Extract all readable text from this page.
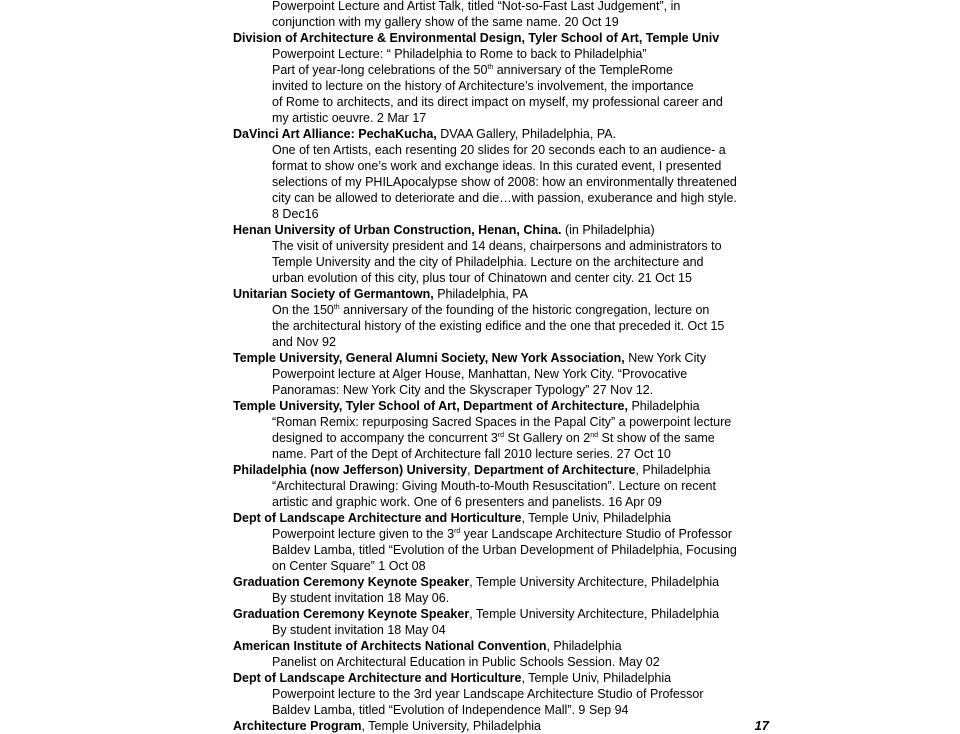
Powerpoint Lecture and Artist Talk, titled “Not-so-Fast Last Judgement”, in
conjunction with my gallery show of the same name. 20 Oct 19
Division of Architecture & Environmental Design, Tyler School of Art, Temple Univ
Powerpoint Lecture: “ Philadelphia to Rome to back to Philadelphia”
Part of year-long celebrations of the 50th anniversary of the TempleRome
invited to lecture on the history of Architecture’s involvement, the importance
of Rome to architects, and its direct impact on myself, my professional career and
my artistic oeuvre. 2 Mar 17
DaVinci Art Alliance: PechaKucha, DVAA Gallery, Philadelphia, PA.
One of ten Artists, each resenting 20 slides for 20 seconds each to an audience- a
format to show one’s work and exchange ideas. In this curated event, I presented
selections of my PHILApocalypse show of 2008: how an environmentally threatened
city can be allowed to deteriorate and die…with passion, exuberance and high style.
8 Dec16
Henan University of Urban Construction, Henan, China. (in Philadelphia)
The visit of university president and 14 deans, chairpersons and administrators to
Temple University and the city of Philadelphia. Lecture on the architecture and
urban evolution of this city, plus tour of Chinatown and center city. 21 Oct 15
Unitarian Society of Germantown, Philadelphia, PA
On the 150th anniversary of the founding of the historic congregation, lecture on
the architectural history of the existing edifice and the one that preceded it. Oct 15
and Nov 92
Temple University, General Alumni Society, New York Association, New York City
Powerpoint lecture at Alger House, Manhattan, New York City. “Provocative
Panoramas: New York City and the Skyscraper Typology” 27 Nov 12.
Temple University, Tyler School of Art, Department of Architecture, Philadelphia
“Roman Remix: repurposing Sacred Spaces in the Papal City” a powerpoint lecture
designed to accompany the concurrent 3rd St Gallery on 2nd St show of the same
name. Part of the Dept of Architecture fall 2010 lecture series. 27 Oct 10
Philadelphia (now Jefferson) University, Department of Architecture, Philadelphia
“Architectural Drawing: Giving Mouth-to-Mouth Resuscitation”. Lecture on recent
artistic and graphic work. One of 6 presenters and panelists. 16 Apr 09
Dept of Landscape Architecture and Horticulture, Temple Univ, Philadelphia
Powerpoint lecture given to the 3rd year Landscape Architecture Studio of Professor
Baldev Lamba, titled “Evolution of the Urban Development of Philadelphia, Focusing
on Center Square” 1 Oct 08
Graduation Ceremony Keynote Speaker, Temple University Architecture, Philadelphia
By student invitation 18 May 06.
Graduation Ceremony Keynote Speaker, Temple University Architecture, Philadelphia
By student invitation 18 May 04
American Institute of Architects National Convention, Philadelphia
Panelist on Architectural Education in Public Schools Session. May 02
Dept of Landscape Architecture and Horticulture, Temple Univ, Philadelphia
Powerpoint lecture to the 3rd year Landscape Architecture Studio of Professor
Baldev Lamba, titled “Evolution of Independence Mall”. 9 Sep 94
Architecture Program, Temple University, Philadelphia	17
